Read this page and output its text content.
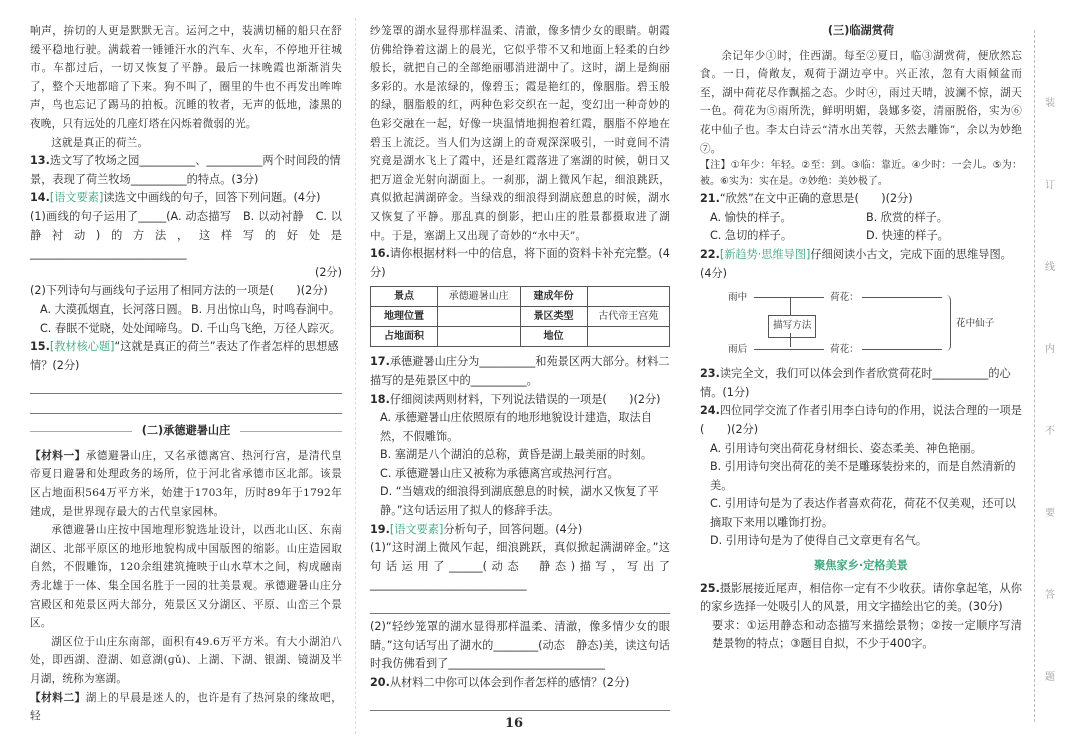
响声，拚切的人更是默默无言。运河之中，装满切桶的船只在舒缓平稳地行驶。满载着一锤锤汗水的汽车、火车，不停地开往城市。车都过后，一切又恢复了平静。最后一抹晚霞也渐渐消失了，整个天地都暗了下来。狗不叫了，圈里的牛也不再发出哞哞声，鸟也忘记了踢马的拍板。沉睡的牧者，无声的低地，漆黑的夜晚，只有远处的几座灯塔在闪烁着微弱的光。

这就是真正的荷兰。

13.选文写了牧场之园__________、__________两个时间段的情景，表现了荷兰牧场__________的特点。(3分)

14.[语文要素]读选文中画线的句子，回答下列问题。(4分)

(1)画线的句子运用了_____(A. 动态描写　B. 以动衬静　C. 以静衬动)的方法，这样写的好处是____________________________

(2分)

(2)下列诗句与画线句子运用了相同方法的一项是(　　)(2分)

A. 大漠孤烟直，长河落日圆。 B. 月出惊山鸟，时鸣春涧中。
C. 春眠不觉晓，处处闻啼鸟。 D. 千山鸟飞绝，万径人踪灭。

15.[教材核心题]“这就是真正的荷兰”表达了作者怎样的思想感情？(2分)

(二)承德避暑山庄

【材料一】承德避暑山庄，又名承德离宫、热河行宫，是清代皇帝夏日避暑和处理政务的场所，位于河北省承德市区北部。该景区占地面积564万平方米，始建于1703年，历时89年于1792年建成，是世界现存最大的古代皇家园林。

承德避暑山庄按中国地理形貌选址设计，以西北山区、东南湖区、北部平原区的地形地貌构成中国版图的缩影。山庄造园取自然，不假雕饰，120余组建筑掩映于山水草木之间，构成融南秀北雄于一体、集全国名胜于一园的壮美景观。承德避暑山庄分宫殿区和苑景区两大部分，苑景区又分湖区、平原、山峦三个景区。

湖区位于山庄东南部，面积有49.6万平方米。有大小湖泊八处，即西湖、澄湖、如意湖(ɡǔ)、上湖、下湖、银湖、镜湖及半月湖，统称为塞湖。

【材料二】湖上的早晨是迷人的，也许是有了热河泉的缘故吧，轻

纱笼罩的湖水显得那样温柔、清澈，像多情少女的眼睛。朝霞仿佛给铮着这湖上的晨光，它似乎带不又和地面上轻柔的白纱般长，就把自己的全部绝丽哪消进湖中了。这时，湖上是絢丽多彩的。水是浓绿的，像碧玉；霞是艳红的，像胭脂。碧玉般的绿，胭脂般的红，两种色彩交织在一起，变幻出一种奇妙的色彩交融在一起，好像一块温情地拥抱着红霞，胭脂不停地在碧玉上流泛。当人们为这湖上的奇观深深吸引，一时竟间不清究竟是湖水飞上了霞中，还是红霞落进了塞湖的时候，朝日又把万道金光射向湖面上。一刹那，湖上微风乍起，细浪跳跃，真似掀起满湖碎金。当绿戏的细浪得到湖底憩息的时候，湖水又恢复了平静。那乱真的倒影，把山庄的胜景都摄取进了湖中。于是，塞湖上又出现了奇妙的“水中天”。

16.请你根据材料一中的信息，将下面的资料卡补充完整。(4分)

景点	承德避暑山庄	建成年份	
地理位置		景区类型	古代帝王宫苑
占地面积		地位	

17.承德避暑山庄分为__________和苑景区两大部分。材料二描写的是苑景区中的__________。

18.仔细阅读两则材料，下列说法错误的一项是(　　)(2分)

A. 承德避暑山庄依照原有的地形地貌设计建造，取法自然，不假雕饰。

B. 塞湖是八个湖泊的总称，黄昏是湖上最美丽的时刻。

C. 承德避暑山庄又被称为承德离宫或热河行宫。

D. “当嬉戏的细浪得到湖底憩息的时候，湖水又恢复了平静。”这句话运用了拟人的修辞手法。

19.[语文要素]分析句子，回答问题。(4分)

(1)“这时湖上微风乍起，细浪跳跃，真似掀起满湖碎金。”这句话运用了______(动态　静态)描写，写出了____________________________

(2)“轻纱笼罩的湖水显得那样温柔、清澈，像多情少女的眼睛。”这句话写出了湖水的________(动态　静态)美，读这句话时我仿佛看到了____________________________

20.从材料二中你可以体会到作者怎样的感情？(2分)

(三)临湖赏荷

余记年少①时，住西湖。每至②夏日，临③湖赏荷，便欣然忘食。一日，倚敞友，观荷于湖边亭中。兴正浓，忽有大雨倾盆而至，湖中荷花尽作飘摇之态。少时④，雨过天晴，波澜不惊，湖天一色。荷花为⑤雨所洗，鲜明明媚，袅娜多姿，清丽脱俗，实为⑥花中仙子也。李太白诗云“清水出芙蓉，天然去雕饰”，余以为妙绝⑦。

【注】①年少：年轻。②至：到。③临：靠近。④少时：一会儿。⑤为：被。⑥实为：实在是。⑦妙绝：美妙极了。

21.“欣然”在文中正确的意思是(　　)(2分)

A. 愉快的样子。	B. 欣赏的样子。
C. 急切的样子。	D. 快速的样子。

22.[新趋势·思维导图]仔细阅读小古文，完成下面的思维导图。(4分)

雨中	荷花：
描写方法
雨后	荷花：
花中仙子

23.读完全文，我们可以体会到作者欣赏荷花时__________的心情。(1分)

24.四位同学交流了作者引用李白诗句的作用，说法合理的一项是(　　)(2分)

A. 引用诗句突出荷花身材细长、姿态柔美、神色艳丽。

B. 引用诗句突出荷花的美不是雕琢装扮来的，而是自然清新的美。

C. 引用诗句是为了表达作者喜欢荷花，荷花不仅美观，还可以摘取下来用以雕饰打扮。

D. 引用诗句是为了使得自己文章更有名气。

聚焦家乡·定格美景

25.摄影展接近尾声，相信你一定有不少收获。请你拿起笔，从你的家乡选择一处吸引人的风景，用文字描绘出它的美。(30分)

要求：①运用静态和动态描写来描绘景物；②按一定顺序写清楚景物的特点；③题目自拟，不少于400字。

装
订
线
内
不
要
答
题
16
